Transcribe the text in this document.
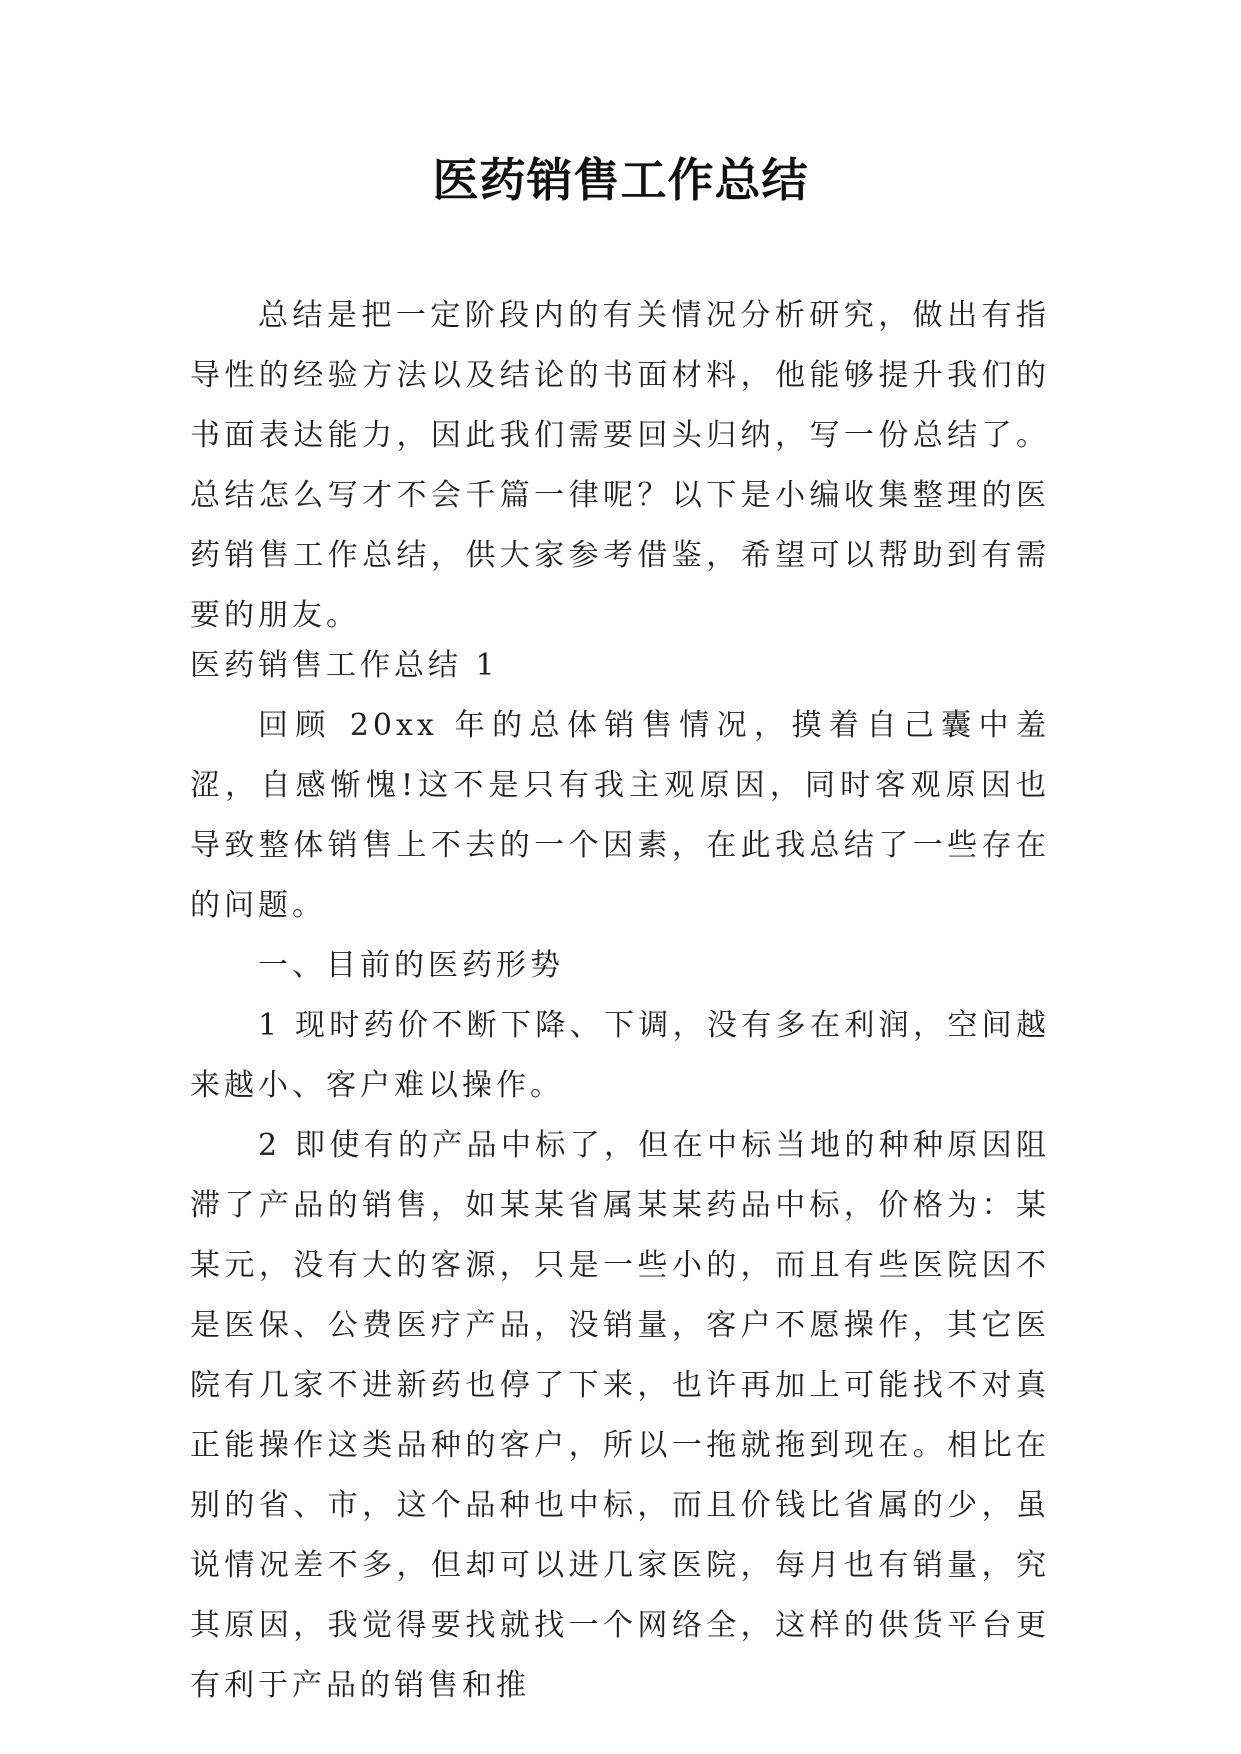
医药销售工作总结

总结是把一定阶段内的有关情况分析研究，做出有指导性的经验方法以及结论的书面材料，他能够提升我们的书面表达能力，因此我们需要回头归纳，写一份总结了。总结怎么写才不会千篇一律呢？以下是小编收集整理的医药销售工作总结，供大家参考借鉴，希望可以帮助到有需要的朋友。

医药销售工作总结 1

回顾 20xx 年的总体销售情况，摸着自己囊中羞涩，自感惭愧!这不是只有我主观原因，同时客观原因也导致整体销售上不去的一个因素，在此我总结了一些存在的问题。

一、目前的医药形势

1 现时药价不断下降、下调，没有多在利润，空间越来越小、客户难以操作。

2 即使有的产品中标了，但在中标当地的种种原因阻滞了产品的销售，如某某省属某某药品中标，价格为：某某元，没有大的客源，只是一些小的，而且有些医院因不是医保、公费医疗产品，没销量，客户不愿操作，其它医院有几家不进新药也停了下来，也许再加上可能找不对真正能操作这类品种的客户，所以一拖就拖到现在。相比在别的省、市，这个品种也中标，而且价钱比省属的少，虽说情况差不多，但却可以进几家医院，每月也有销量，究其原因，我觉得要找就找一个网络全，这样的供货平台更有利于产品的销售和推
